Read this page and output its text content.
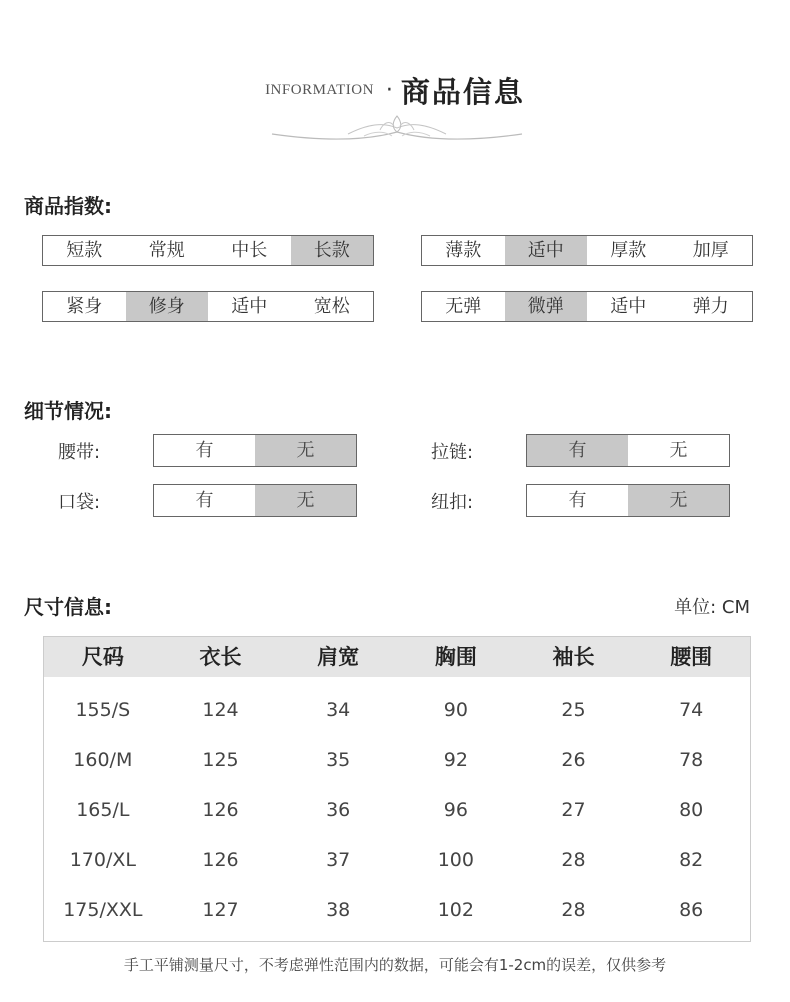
INFORMATION · 商品信息
商品指数:
短款	常规	中长	长款	薄款	适中	厚款	加厚
紧身	修身	适中	宽松	无弹	微弹	适中	弹力
细节情况:
腰带:	有	无	拉链:	有	无
口袋:	有	无	纽扣:	有	无
尺寸信息:	单位: CM
尺码	衣长	肩宽	胸围	袖长	腰围
155/S	124	34	90	25	74
160/M	125	35	92	26	78
165/L	126	36	96	27	80
170/XL	126	37	100	28	82
175/XXL	127	38	102	28	86
手工平铺测量尺寸，不考虑弹性范围内的数据，可能会有1-2cm的误差，仅供参考
